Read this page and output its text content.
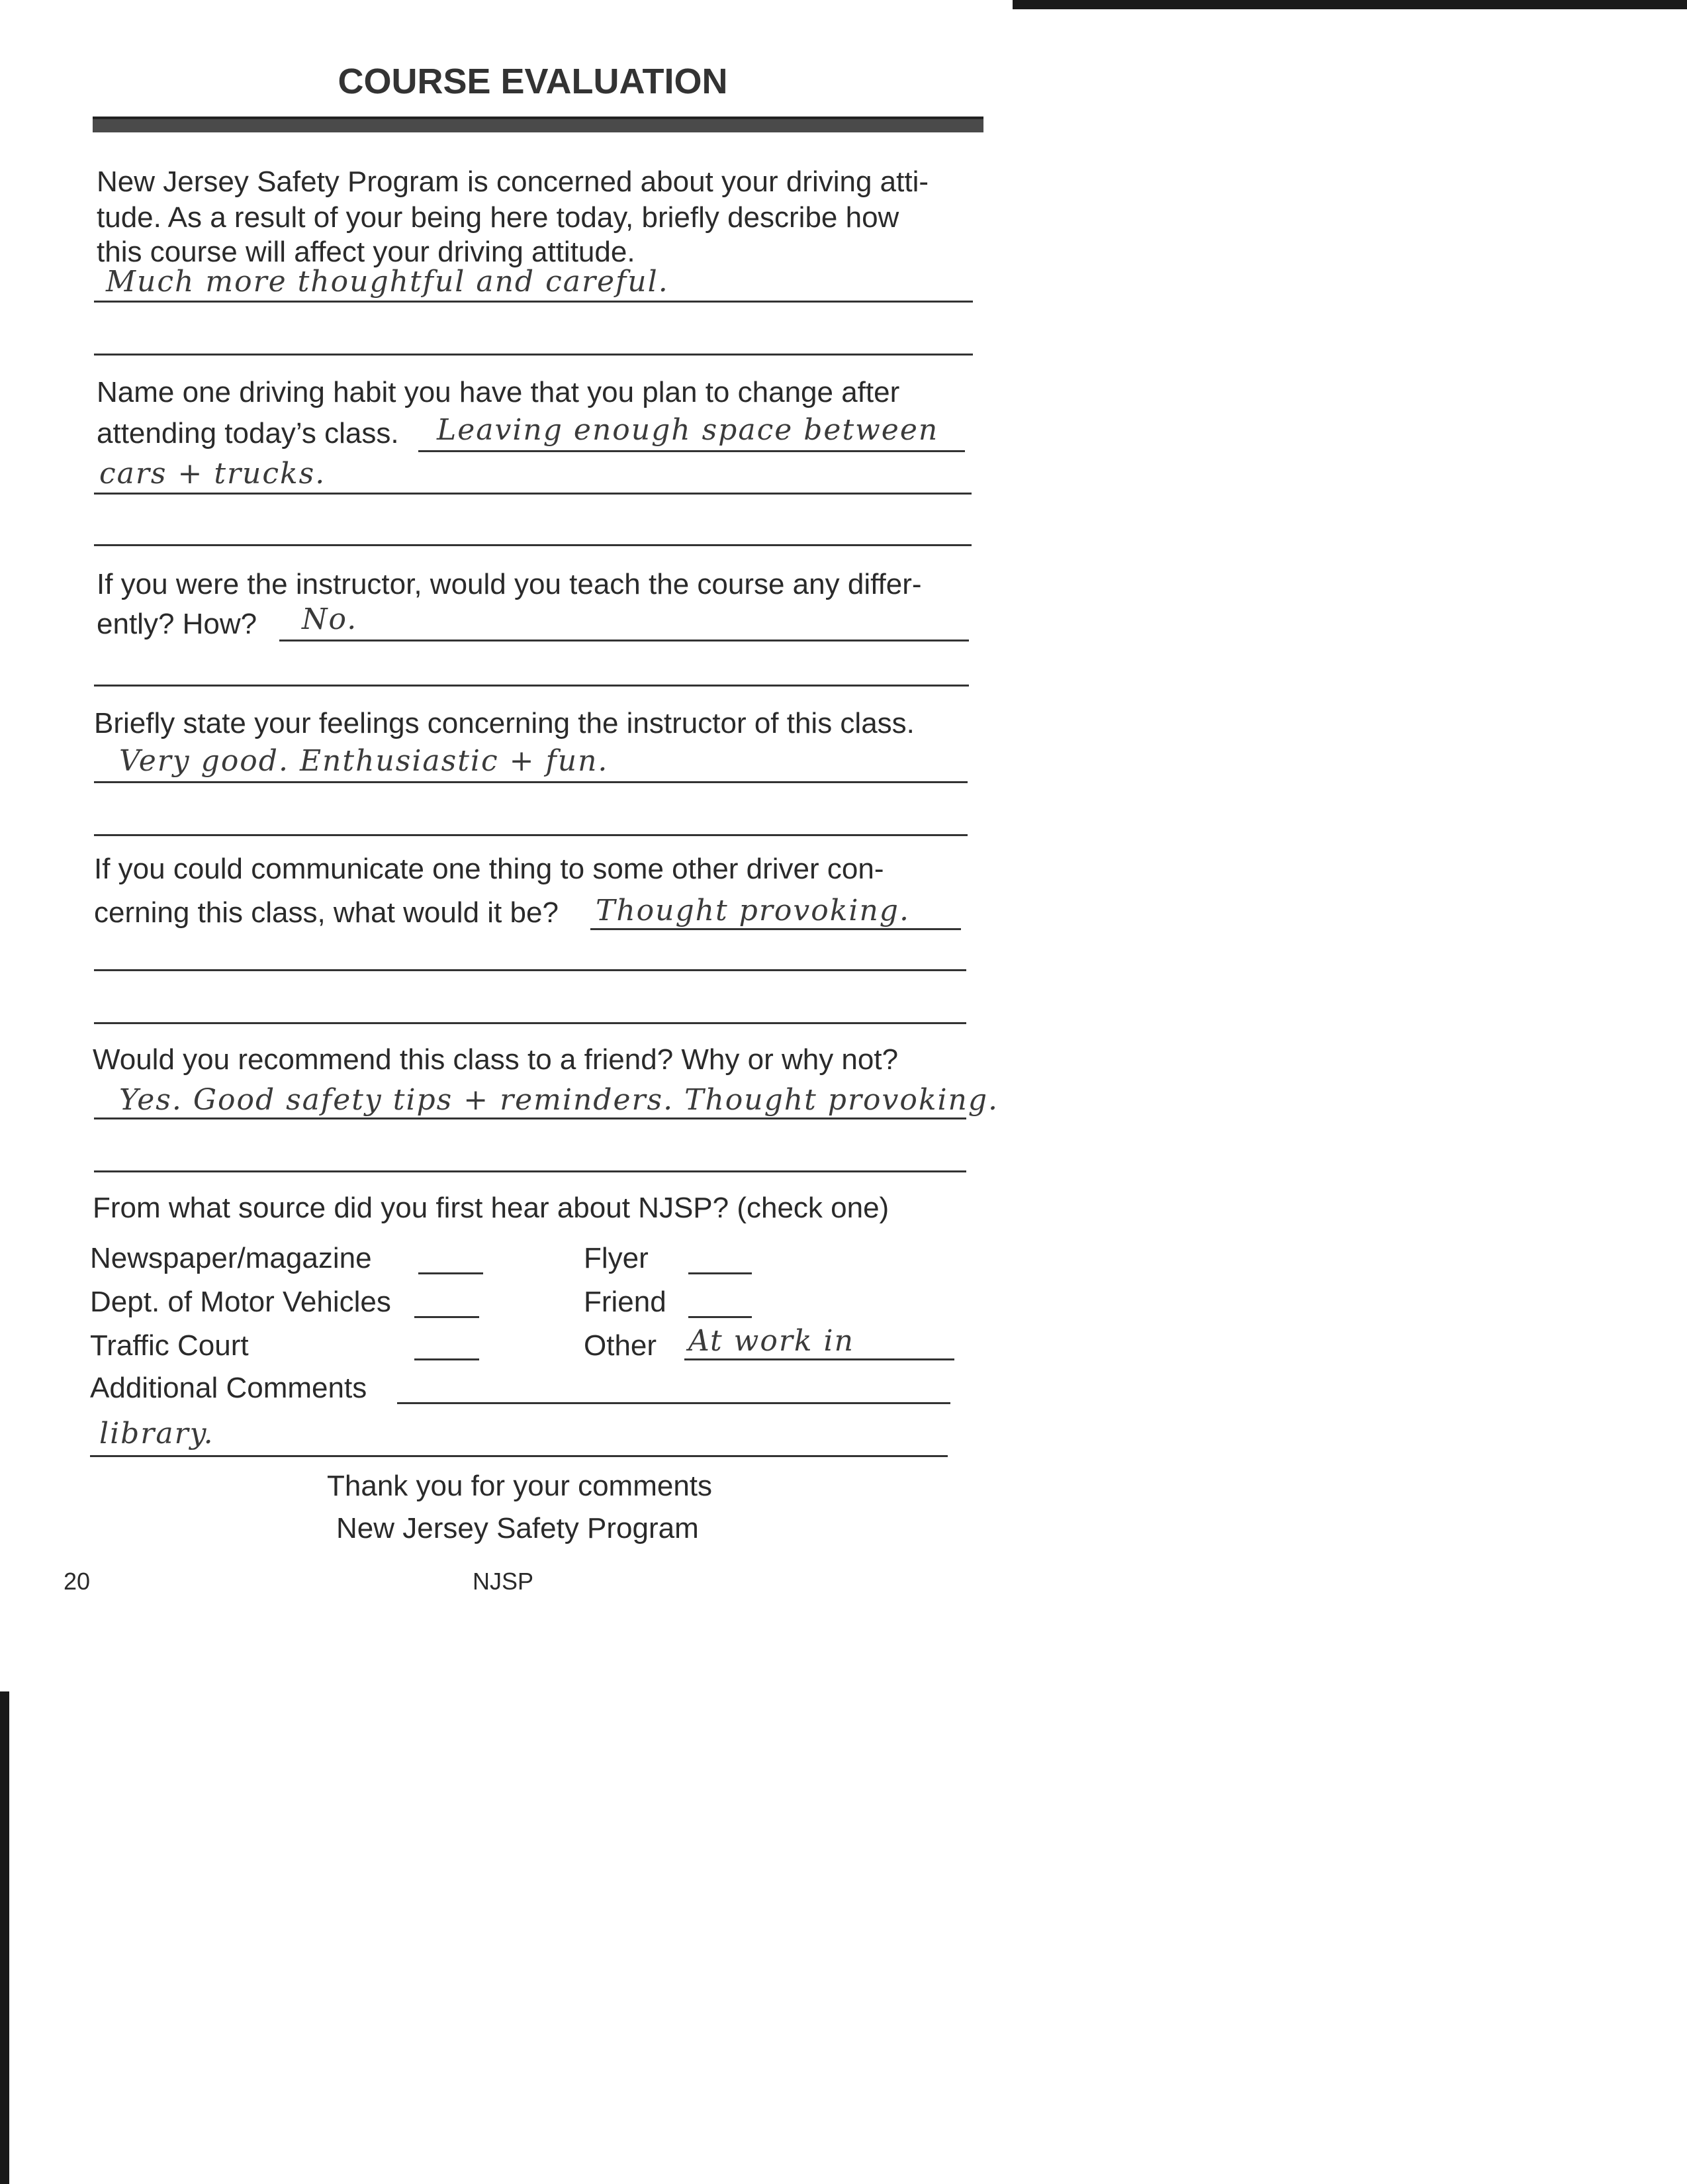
COURSE EVALUATION
New Jersey Safety Program is concerned about your driving atti-
tude. As a result of your being here today, briefly describe how
this course will affect your driving attitude.
Much more thoughtful and careful.
Name one driving habit you have that you plan to change after
attending today’s class. Leaving enough space between
cars + trucks.
If you were the instructor, would you teach the course any differ-
ently? How? No.
Briefly state your feelings concerning the instructor of this class.
Very good. Enthusiastic + fun.
If you could communicate one thing to some other driver con-
cerning this class, what would it be? Thought provoking.
Would you recommend this class to a friend? Why or why not?
Yes. Good safety tips + reminders. Thought provoking.
From what source did you first hear about NJSP? (check one)
Newspaper/magazine
Dept. of Motor Vehicles
Traffic Court
Flyer
Friend
Other At work in
Additional Comments
library.
Thank you for your comments
New Jersey Safety Program
20	NJSP
